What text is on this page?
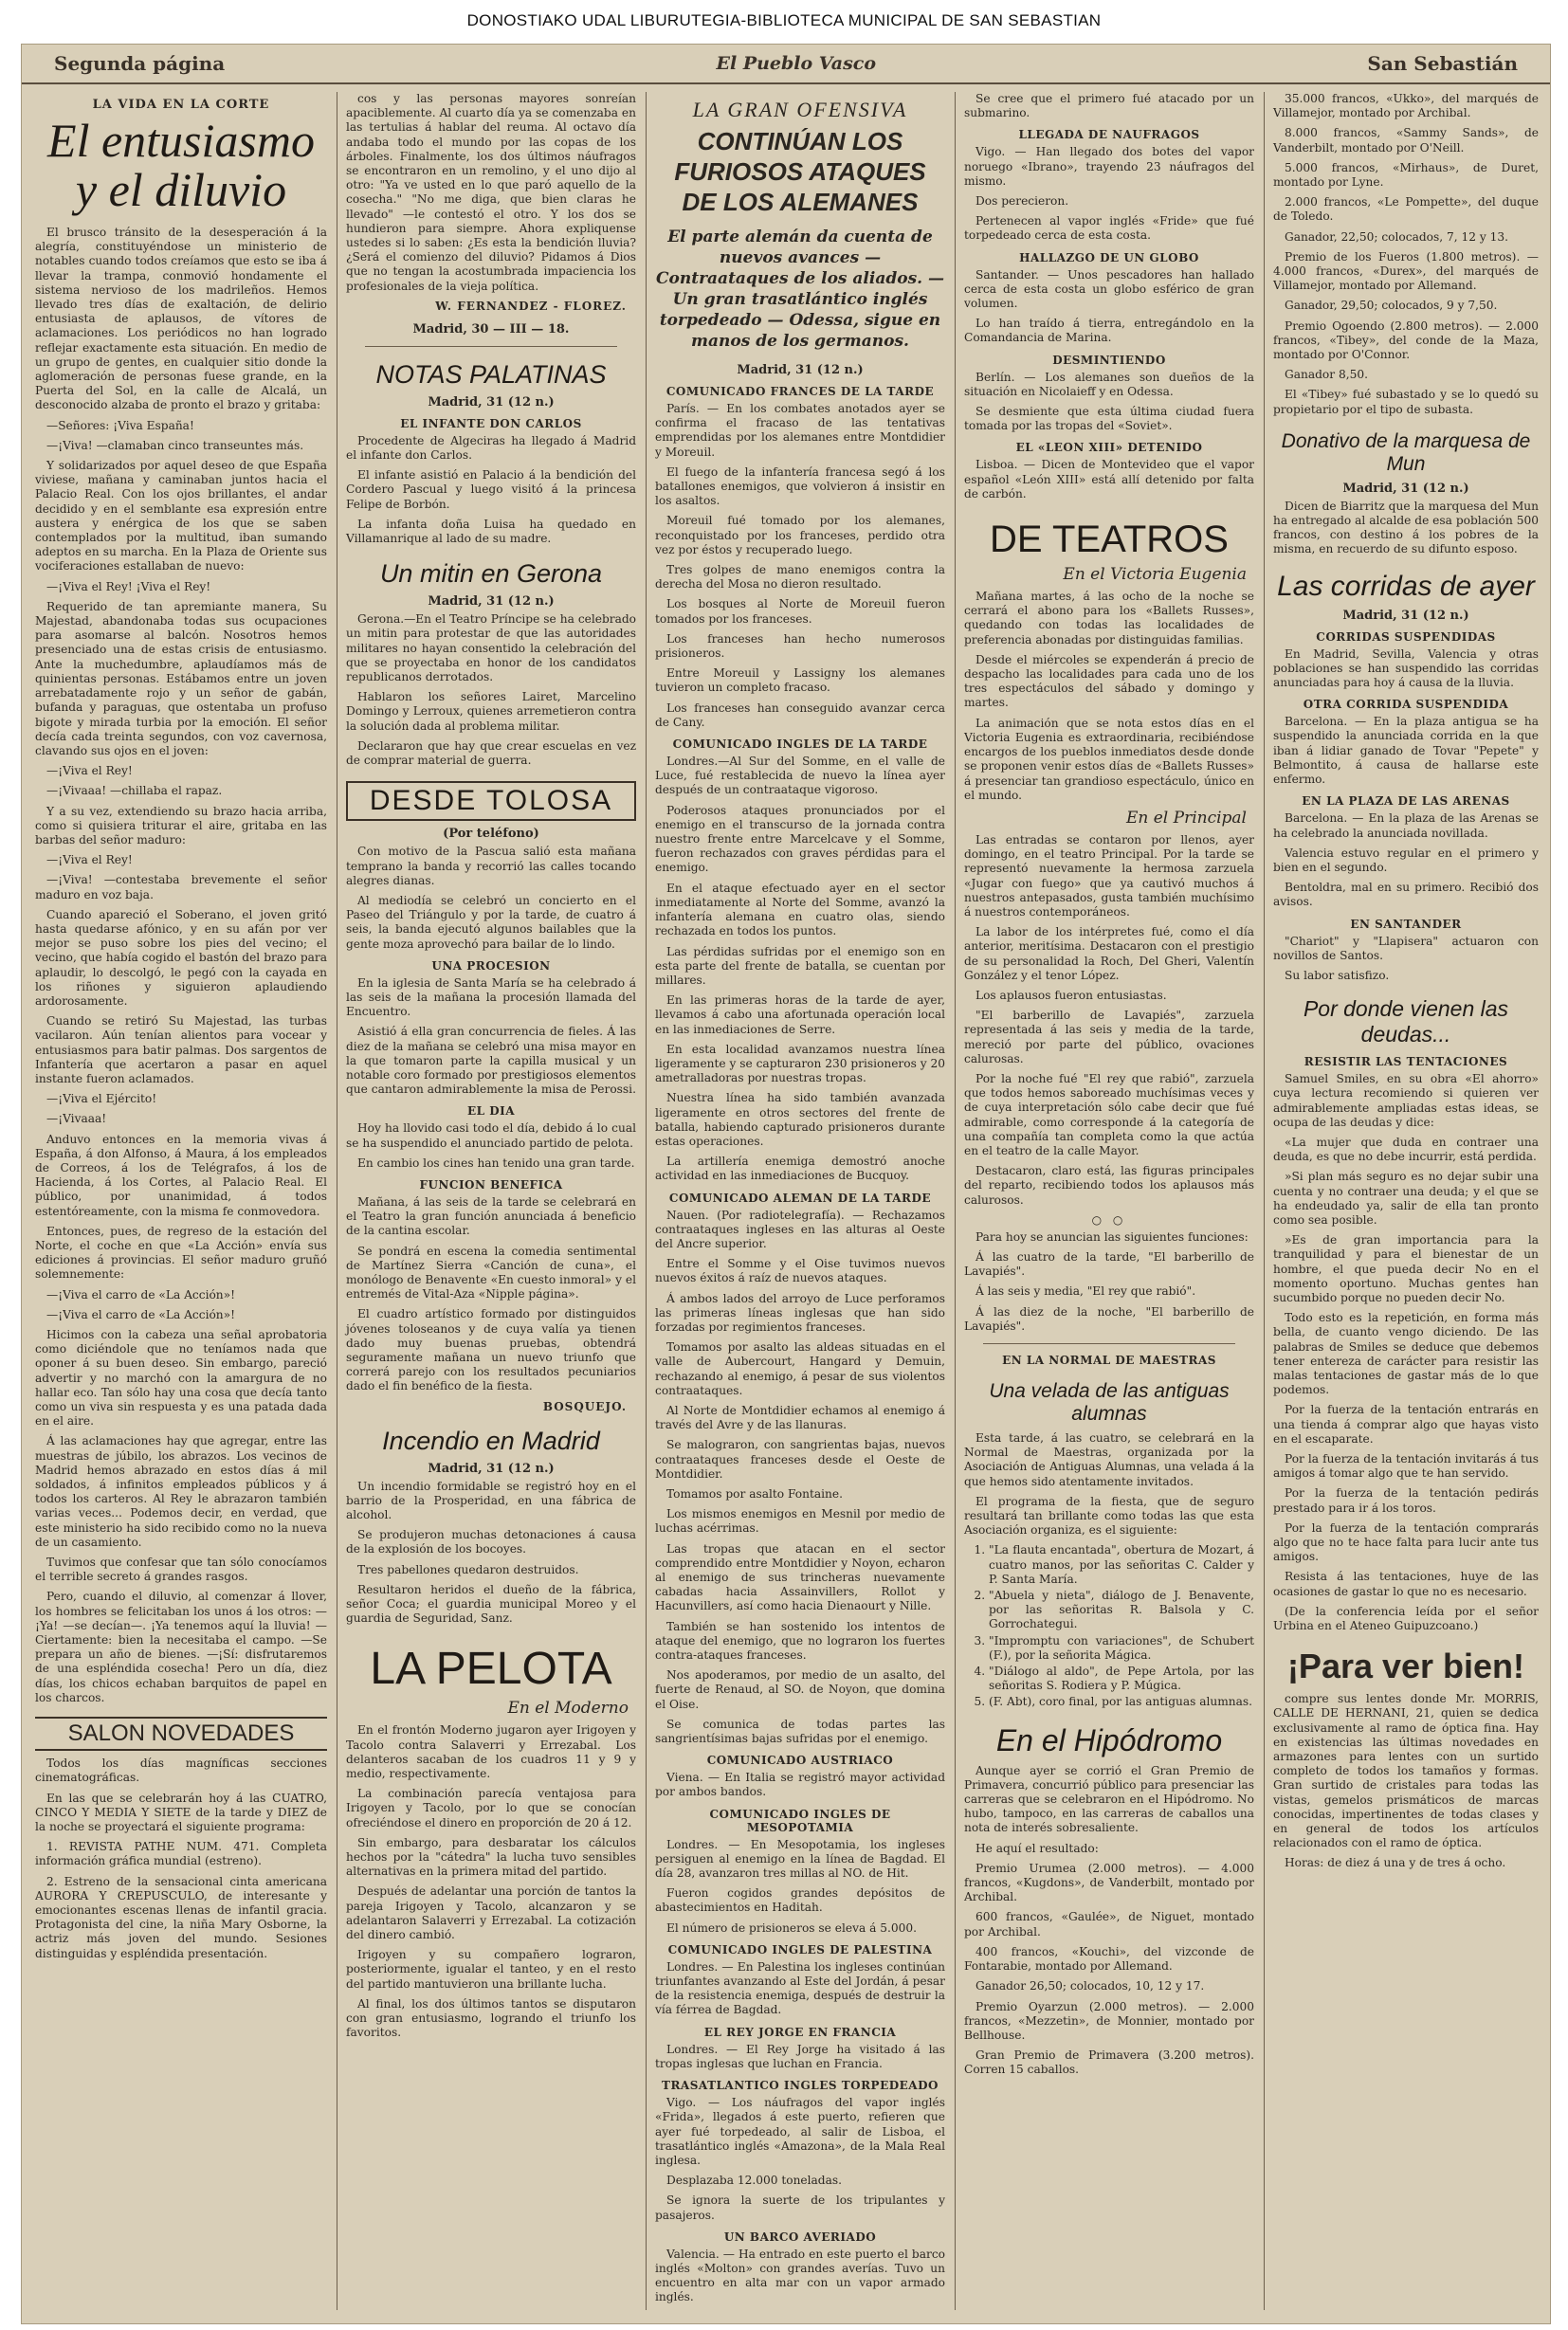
DONOSTIAKO UDAL LIBURUTEGIA-BIBLIOTECA MUNICIPAL DE SAN SEBASTIAN
Segunda página	El Pueblo Vasco	San Sebastián
LA VIDA EN LA CORTE
El entusiasmo y el diluvio

El brusco tránsito de la desesperación á la alegría, constituyéndose un ministerio de notables cuando todos creíamos que esto se iba á llevar la trampa, conmovió hondamente el sistema nervioso de los madrileños. Hemos llevado tres días de exaltación, de delirio entusiasta de aplausos, de vítores de aclamaciones. Los periódicos no han logrado reflejar exactamente esta situación. En medio de un grupo de gentes, en cualquier sitio donde la aglomeración de personas fuese grande, en la Puerta del Sol, en la calle de Alcalá, un desconocido alzaba de pronto el brazo y gritaba:

—Señores: ¡Viva España!

—¡Viva! —clamaban cinco transeuntes más.

Y solidarizados por aquel deseo de que España viviese, mañana y caminaban juntos hacia el Palacio Real. Con los ojos brillantes, el andar decidido y en el semblante esa expresión entre austera y enérgica de los que se saben contemplados por la multitud, iban sumando adeptos en su marcha. En la Plaza de Oriente sus vociferaciones estallaban de nuevo:

—¡Viva el Rey! ¡Viva el Rey!

Requerido de tan apremiante manera, Su Majestad, abandonaba todas sus ocupaciones para asomarse al balcón. Nosotros hemos presenciado una de estas crisis de entusiasmo. Ante la muchedumbre, aplaudíamos más de quinientas personas. Estábamos entre un joven arrebatadamente rojo y un señor de gabán, bufanda y paraguas, que ostentaba un profuso bigote y mirada turbia por la emoción. El señor decía cada treinta segundos, con voz cavernosa, clavando sus ojos en el joven:

—¡Viva el Rey!

—¡Vivaaa! —chillaba el rapaz.

Y a su vez, extendiendo su brazo hacia arriba, como si quisiera triturar el aire, gritaba en las barbas del señor maduro:

—¡Viva el Rey!

—¡Viva! —contestaba brevemente el señor maduro en voz baja.

Cuando apareció el Soberano, el joven gritó hasta quedarse afónico, y en su afán por ver mejor se puso sobre los pies del vecino; el vecino, que había cogido el bastón del brazo para aplaudir, lo descolgó, le pegó con la cayada en los riñones y siguieron aplaudiendo ardorosamente.

Cuando se retiró Su Majestad, las turbas vacilaron. Aún tenían alientos para vocear y entusiasmos para batir palmas. Dos sargentos de Infantería que acertaron a pasar en aquel instante fueron aclamados.

—¡Viva el Ejército!

—¡Vivaaa!

Anduvo entonces en la memoria vivas á España, á don Alfonso, á Maura, á los empleados de Correos, á los de Telégrafos, á los de Hacienda, á los Cortes, al Palacio Real. El público, por unanimidad, á todos estentóreamente, con la misma fe conmovedora.

Entonces, pues, de regreso de la estación del Norte, el coche en que «La Acción» envía sus ediciones á provincias. El señor maduro gruñó solemnemente:

—¡Viva el carro de «La Acción»!

—¡Viva el carro de «La Acción»!

Hicimos con la cabeza una señal aprobatoria como diciéndole que no teníamos nada que oponer á su buen deseo. Sin embargo, pareció advertir y no marchó con la amargura de no hallar eco. Tan sólo hay una cosa que decía tanto como un viva sin respuesta y es una patada dada en el aire.

Á las aclamaciones hay que agregar, entre las muestras de júbilo, los abrazos. Los vecinos de Madrid hemos abrazado en estos días á mil soldados, á infinitos empleados públicos y á todos los carteros. Al Rey le abrazaron también varias veces... Podemos decir, en verdad, que este ministerio ha sido recibido como no la nueva de un casamiento.

Tuvimos que confesar que tan sólo conocíamos el terrible secreto á grandes rasgos.

Pero, cuando el diluvio, al comenzar á llover, los hombres se felicitaban los unos á los otros: —¡Ya! —se decían—. ¡Ya tenemos aquí la lluvia! —Ciertamente: bien la necesitaba el campo. —Se prepara un año de bienes. —¡Sí: disfrutaremos de una espléndida cosecha! Pero un día, diez días, los chicos echaban barquitos de papel en los charcos.

SALON NOVEDADES

Todos los días magníficas secciones cinematográficas.

En las que se celebrarán hoy á las CUATRO, CINCO Y MEDIA Y SIETE de la tarde y DIEZ de la noche se proyectará el siguiente programa:

1. REVISTA PATHE NUM. 471. Completa información gráfica mundial (estreno).

2. Estreno de la sensacional cinta americana AURORA Y CREPUSCULO, de interesante y emocionantes escenas llenas de infantil gracia. Protagonista del cine, la niña Mary Osborne, la actriz más joven del mundo. Sesiones distinguidas y espléndida presentación.

cos y las personas mayores sonreían apaciblemente. Al cuarto día ya se comenzaba en las tertulias á hablar del reuma. Al octavo día andaba todo el mundo por las copas de los árboles. Finalmente, los dos últimos náufragos se encontraron en un remolino, y el uno dijo al otro: "Ya ve usted en lo que paró aquello de la cosecha." "No me diga, que bien claras he llevado" —le contestó el otro. Y los dos se hundieron para siempre. Ahora expliquense ustedes si lo saben: ¿Es esta la bendición lluvia? ¿Será el comienzo del diluvio? Pidamos á Dios que no tengan la acostumbrada impaciencia los profesionales de la vieja política.

W. FERNANDEZ - FLOREZ.
Madrid, 30 — III — 18.
NOTAS PALATINAS
Madrid, 31 (12 n.)
EL INFANTE DON CARLOS

Procedente de Algeciras ha llegado á Madrid el infante don Carlos.

El infante asistió en Palacio á la bendición del Cordero Pascual y luego visitó á la princesa Felipe de Borbón.

La infanta doña Luisa ha quedado en Villamanrique al lado de su madre.

Un mitin en Gerona
Madrid, 31 (12 n.)

Gerona.—En el Teatro Príncipe se ha celebrado un mitin para protestar de que las autoridades militares no hayan consentido la celebración del que se proyectaba en honor de los candidatos republicanos derrotados.

Hablaron los señores Lairet, Marcelino Domingo y Lerroux, quienes arremetieron contra la solución dada al problema militar.

Declararon que hay que crear escuelas en vez de comprar material de guerra.

DESDE TOLOSA
(Por teléfono)

Con motivo de la Pascua salió esta mañana temprano la banda y recorrió las calles tocando alegres dianas.

Al mediodía se celebró un concierto en el Paseo del Triángulo y por la tarde, de cuatro á seis, la banda ejecutó algunos bailables que la gente moza aprovechó para bailar de lo lindo.

UNA PROCESION

En la iglesia de Santa María se ha celebrado á las seis de la mañana la procesión llamada del Encuentro.

Asistió á ella gran concurrencia de fieles. Á las diez de la mañana se celebró una misa mayor en la que tomaron parte la capilla musical y un notable coro formado por prestigiosos elementos que cantaron admirablemente la misa de Perossi.

EL DIA

Hoy ha llovido casi todo el día, debido á lo cual se ha suspendido el anunciado partido de pelota.

En cambio los cines han tenido una gran tarde.

FUNCION BENEFICA

Mañana, á las seis de la tarde se celebrará en el Teatro la gran función anunciada á beneficio de la cantina escolar.

Se pondrá en escena la comedia sentimental de Martínez Sierra «Canción de cuna», el monólogo de Benavente «En cuesto inmoral» y el entremés de Vital-Aza «Nipple página».

El cuadro artístico formado por distinguidos jóvenes toloseanos y de cuya valía ya tienen dado muy buenas pruebas, obtendrá seguramente mañana un nuevo triunfo que correrá parejo con los resultados pecuniarios dado el fin benéfico de la fiesta.

BOSQUEJO.
Incendio en Madrid
Madrid, 31 (12 n.)

Un incendio formidable se registró hoy en el barrio de la Prosperidad, en una fábrica de alcohol.

Se produjeron muchas detonaciones á causa de la explosión de los bocoyes.

Tres pabellones quedaron destruidos.

Resultaron heridos el dueño de la fábrica, señor Coca; el guardia municipal Moreo y el guardia de Seguridad, Sanz.

LA PELOTA
En el Moderno

En el frontón Moderno jugaron ayer Irigoyen y Tacolo contra Salaverri y Errezabal. Los delanteros sacaban de los cuadros 11 y 9 y medio, respectivamente.

La combinación parecía ventajosa para Irigoyen y Tacolo, por lo que se conocían ofreciéndose el dinero en proporción de 20 á 12.

Sin embargo, para desbaratar los cálculos hechos por la "cátedra" la lucha tuvo sensibles alternativas en la primera mitad del partido.

Después de adelantar una porción de tantos la pareja Irigoyen y Tacolo, alcanzaron y se adelantaron Salaverri y Errezabal. La cotización del dinero cambió.

Irigoyen y su compañero lograron, posteriormente, igualar el tanteo, y en el resto del partido mantuvieron una brillante lucha.

Al final, los dos últimos tantos se disputaron con gran entusiasmo, logrando el triunfo los favoritos.

LA GRAN OFENSIVA
CONTINÚAN LOS FURIOSOS ATAQUES DE LOS ALEMANES
El parte alemán da cuenta de nuevos avances — Contraataques de los aliados. — Un gran trasatlántico inglés torpedeado — Odessa, sigue en manos de los germanos.
Madrid, 31 (12 n.)
COMUNICADO FRANCES DE LA TARDE

París. — En los combates anotados ayer se confirma el fracaso de las tentativas emprendidas por los alemanes entre Montdidier y Moreuil.

El fuego de la infantería francesa segó á los batallones enemigos, que volvieron á insistir en los asaltos.

Moreuil fué tomado por los alemanes, reconquistado por los franceses, perdido otra vez por éstos y recuperado luego.

Tres golpes de mano enemigos contra la derecha del Mosa no dieron resultado.

Los bosques al Norte de Moreuil fueron tomados por los franceses.

Los franceses han hecho numerosos prisioneros.

Entre Moreuil y Lassigny los alemanes tuvieron un completo fracaso.

Los franceses han conseguido avanzar cerca de Cany.

COMUNICADO INGLES DE LA TARDE

Londres.—Al Sur del Somme, en el valle de Luce, fué restablecida de nuevo la línea ayer después de un contraataque vigoroso.

Poderosos ataques pronunciados por el enemigo en el transcurso de la jornada contra nuestro frente entre Marcelcave y el Somme, fueron rechazados con graves pérdidas para el enemigo.

En el ataque efectuado ayer en el sector inmediatamente al Norte del Somme, avanzó la infantería alemana en cuatro olas, siendo rechazada en todos los puntos.

Las pérdidas sufridas por el enemigo son en esta parte del frente de batalla, se cuentan por millares.

En las primeras horas de la tarde de ayer, llevamos á cabo una afortunada operación local en las inmediaciones de Serre.

En esta localidad avanzamos nuestra línea ligeramente y se capturaron 230 prisioneros y 20 ametralladoras por nuestras tropas.

Nuestra línea ha sido también avanzada ligeramente en otros sectores del frente de batalla, habiendo capturado prisioneros durante estas operaciones.

La artillería enemiga demostró anoche actividad en las inmediaciones de Bucquoy.

COMUNICADO ALEMAN DE LA TARDE

Nauen. (Por radiotelegrafía). — Rechazamos contraataques ingleses en las alturas al Oeste del Ancre superior.

Entre el Somme y el Oise tuvimos nuevos nuevos éxitos á raíz de nuevos ataques.

Á ambos lados del arroyo de Luce perforamos las primeras líneas inglesas que han sido forzadas por regimientos franceses.

Tomamos por asalto las aldeas situadas en el valle de Aubercourt, Hangard y Demuin, rechazando al enemigo, á pesar de sus violentos contraataques.

Al Norte de Montdidier echamos al enemigo á través del Avre y de las llanuras.

Se malograron, con sangrientas bajas, nuevos contraataques franceses desde el Oeste de Montdidier.

Tomamos por asalto Fontaine.

Los mismos enemigos en Mesnil por medio de luchas acérrimas.

Las tropas que atacan en el sector comprendido entre Montdidier y Noyon, echaron al enemigo de sus trincheras nuevamente cabadas hacia Assainvillers, Rollot y Hacunvillers, así como hacia Dienaourt y Nille.

También se han sostenido los intentos de ataque del enemigo, que no lograron los fuertes contra-ataques franceses.

Nos apoderamos, por medio de un asalto, del fuerte de Renaud, al SO. de Noyon, que domina el Oise.

Se comunica de todas partes las sangrientísimas bajas sufridas por el enemigo.

COMUNICADO AUSTRIACO

Viena. — En Italia se registró mayor actividad por ambos bandos.

COMUNICADO INGLES DE MESOPOTAMIA

Londres. — En Mesopotamia, los ingleses persiguen al enemigo en la línea de Bagdad. El día 28, avanzaron tres millas al NO. de Hit.

Fueron cogidos grandes depósitos de abastecimientos en Haditah.

El número de prisioneros se eleva á 5.000.

COMUNICADO INGLES DE PALESTINA

Londres. — En Palestina los ingleses continúan triunfantes avanzando al Este del Jordán, á pesar de la resistencia enemiga, después de destruir la vía férrea de Bagdad.

EL REY JORGE EN FRANCIA

Londres. — El Rey Jorge ha visitado á las tropas inglesas que luchan en Francia.

TRASATLANTICO INGLES TORPEDEADO

Vigo. — Los náufragos del vapor inglés «Frida», llegados á este puerto, refieren que ayer fué torpedeado, al salir de Lisboa, el trasatlántico inglés «Amazona», de la Mala Real inglesa.

Desplazaba 12.000 toneladas.

Se ignora la suerte de los tripulantes y pasajeros.

UN BARCO AVERIADO

Valencia. — Ha entrado en este puerto el barco inglés «Molton» con grandes averías. Tuvo un encuentro en alta mar con un vapor armado inglés.

Se cree que el primero fué atacado por un submarino.

LLEGADA DE NAUFRAGOS

Vigo. — Han llegado dos botes del vapor noruego «Ibrano», trayendo 23 náufragos del mismo.

Dos perecieron.

Pertenecen al vapor inglés «Fride» que fué torpedeado cerca de esta costa.

HALLAZGO DE UN GLOBO

Santander. — Unos pescadores han hallado cerca de esta costa un globo esférico de gran volumen.

Lo han traído á tierra, entregándolo en la Comandancia de Marina.

DESMINTIENDO

Berlín. — Los alemanes son dueños de la situación en Nicolaieff y en Odessa.

Se desmiente que esta última ciudad fuera tomada por las tropas del «Soviet».

EL «LEON XIII» DETENIDO

Lisboa. — Dicen de Montevideo que el vapor español «León XIII» está allí detenido por falta de carbón.

DE TEATROS
En el Victoria Eugenia

Mañana martes, á las ocho de la noche se cerrará el abono para los «Ballets Russes», quedando con todas las localidades de preferencia abonadas por distinguidas familias.

Desde el miércoles se expenderán á precio de despacho las localidades para cada uno de los tres espectáculos del sábado y domingo y martes.

La animación que se nota estos días en el Victoria Eugenia es extraordinaria, recibiéndose encargos de los pueblos inmediatos desde donde se proponen venir estos días de «Ballets Russes» á presenciar tan grandioso espectáculo, único en el mundo.

En el Principal

Las entradas se contaron por llenos, ayer domingo, en el teatro Principal. Por la tarde se representó nuevamente la hermosa zarzuela «Jugar con fuego» que ya cautivó muchos á nuestros antepasados, gusta también muchísimo á nuestros contemporáneos.

La labor de los intérpretes fué, como el día anterior, meritísima. Destacaron con el prestigio de su personalidad la Roch, Del Gheri, Valentín González y el tenor López.

Los aplausos fueron entusiastas.

"El barberillo de Lavapiés", zarzuela representada á las seis y media de la tarde, mereció por parte del público, ovaciones calurosas.

Por la noche fué "El rey que rabió", zarzuela que todos hemos saboreado muchísimas veces y de cuya interpretación sólo cabe decir que fué admirable, como corresponde á la categoría de una compañía tan completa como la que actúa en el teatro de la calle Mayor.

Destacaron, claro está, las figuras principales del reparto, recibiendo todos los aplausos más calurosos.

○ ○

Para hoy se anuncian las siguientes funciones:

Á las cuatro de la tarde, "El barberillo de Lavapiés".

Á las seis y media, "El rey que rabió".

Á las diez de la noche, "El barberillo de Lavapiés".

EN LA NORMAL DE MAESTRAS
Una velada de las antiguas alumnas

Esta tarde, á las cuatro, se celebrará en la Normal de Maestras, organizada por la Asociación de Antiguas Alumnas, una velada á la que hemos sido atentamente invitados.

El programa de la fiesta, que de seguro resultará tan brillante como todas las que esta Asociación organiza, es el siguiente:

1. "La flauta encantada", obertura de Mozart, á cuatro manos, por las señoritas C. Calder y P. Santa María.
2. "Abuela y nieta", diálogo de J. Benavente, por las señoritas R. Balsola y C. Gorrochategui.
3. "Impromptu con variaciones", de Schubert (F.), por la señorita Mágica.
4. "Diálogo al aldo", de Pepe Artola, por las señoritas S. Rodiera y P. Múgica.
5. (F. Abt), coro final, por las antiguas alumnas.
En el Hipódromo

Aunque ayer se corrió el Gran Premio de Primavera, concurrió público para presenciar las carreras que se celebraron en el Hipódromo. No hubo, tampoco, en las carreras de caballos una nota de interés sobresaliente.

He aquí el resultado:

Premio Urumea (2.000 metros). — 4.000 francos, «Kugdons», de Vanderbilt, montado por Archibal.

600 francos, «Gaulée», de Niguet, montado por Archibal.

400 francos, «Kouchi», del vizconde de Fontarabie, montado por Allemand.

Ganador 26,50; colocados, 10, 12 y 17.

Premio Oyarzun (2.000 metros). — 2.000 francos, «Mezzetin», de Monnier, montado por Bellhouse.

Gran Premio de Primavera (3.200 metros). Corren 15 caballos.

35.000 francos, «Ukko», del marqués de Villamejor, montado por Archibal.

8.000 francos, «Sammy Sands», de Vanderbilt, montado por O'Neill.

5.000 francos, «Mirhaus», de Duret, montado por Lyne.

2.000 francos, «Le Pompette», del duque de Toledo.

Ganador, 22,50; colocados, 7, 12 y 13.

Premio de los Fueros (1.800 metros). — 4.000 francos, «Durex», del marqués de Villamejor, montado por Allemand.

Ganador, 29,50; colocados, 9 y 7,50.

Premio Ogoendo (2.800 metros). — 2.000 francos, «Tibey», del conde de la Maza, montado por O'Connor.

Ganador 8,50.

El «Tibey» fué subastado y se lo quedó su propietario por el tipo de subasta.

Donativo de la marquesa de Mun
Madrid, 31 (12 n.)

Dicen de Biarritz que la marquesa del Mun ha entregado al alcalde de esa población 500 francos, con destino á los pobres de la misma, en recuerdo de su difunto esposo.

Las corridas de ayer
Madrid, 31 (12 n.)
CORRIDAS SUSPENDIDAS

En Madrid, Sevilla, Valencia y otras poblaciones se han suspendido las corridas anunciadas para hoy á causa de la lluvia.

OTRA CORRIDA SUSPENDIDA

Barcelona. — En la plaza antigua se ha suspendido la anunciada corrida en la que iban á lidiar ganado de Tovar "Pepete" y Belmontito, á causa de hallarse este enfermo.

EN LA PLAZA DE LAS ARENAS

Barcelona. — En la plaza de las Arenas se ha celebrado la anunciada novillada.

Valencia estuvo regular en el primero y bien en el segundo.

Bentoldra, mal en su primero. Recibió dos avisos.

EN SANTANDER

"Chariot" y "Llapisera" actuaron con novillos de Santos.

Su labor satisfizo.

Por donde vienen las deudas...
RESISTIR LAS TENTACIONES

Samuel Smiles, en su obra «El ahorro» cuya lectura recomiendo si quieren ver admirablemente ampliadas estas ideas, se ocupa de las deudas y dice:

«La mujer que duda en contraer una deuda, es que no debe incurrir, está perdida.

»Si plan más seguro es no dejar subir una cuenta y no contraer una deuda; y el que se ha endeudado ya, salir de ella tan pronto como sea posible.

»Es de gran importancia para la tranquilidad y para el bienestar de un hombre, el que pueda decir No en el momento oportuno. Muchas gentes han sucumbido porque no pueden decir No.

Todo esto es la repetición, en forma más bella, de cuanto vengo diciendo. De las palabras de Smiles se deduce que debemos tener entereza de carácter para resistir las malas tentaciones de gastar más de lo que podemos.

Por la fuerza de la tentación entrarás en una tienda á comprar algo que hayas visto en el escaparate.

Por la fuerza de la tentación invitarás á tus amigos á tomar algo que te han servido.

Por la fuerza de la tentación pedirás prestado para ir á los toros.

Por la fuerza de la tentación comprarás algo que no te hace falta para lucir ante tus amigos.

Resista á las tentaciones, huye de las ocasiones de gastar lo que no es necesario.

(De la conferencia leída por el señor Urbina en el Ateneo Guipuzcoano.)

¡Para ver bien!

compre sus lentes donde Mr. MORRIS, CALLE DE HERNANI, 21, quien se dedica exclusivamente al ramo de óptica fina. Hay en existencias las últimas novedades en armazones para lentes con un surtido completo de todos los tamaños y formas. Gran surtido de cristales para todas las vistas, gemelos prismáticos de marcas conocidas, impertinentes de todas clases y en general de todos los artículos relacionados con el ramo de óptica.

Horas: de diez á una y de tres á ocho.
